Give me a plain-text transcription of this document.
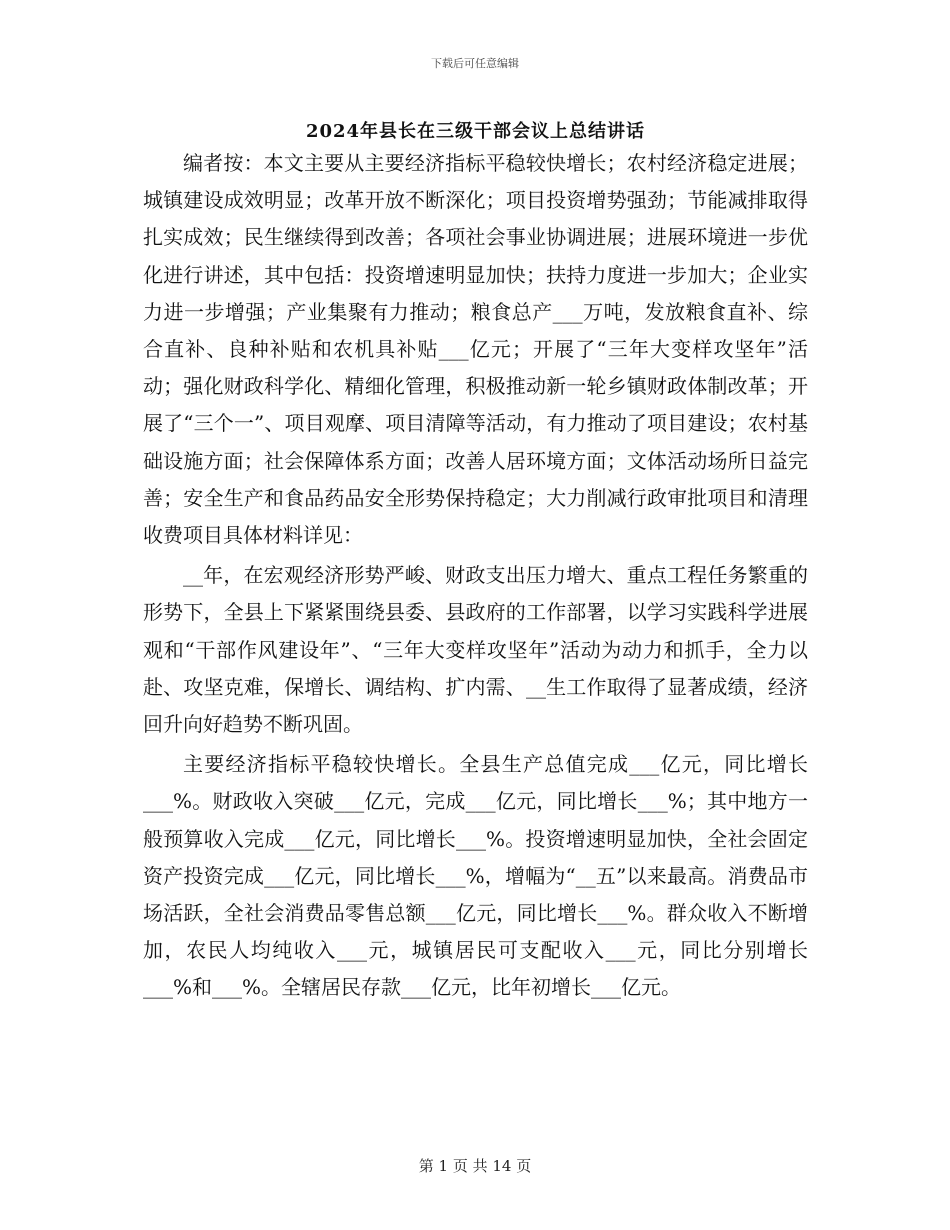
下载后可任意编辑
2024年县长在三级干部会议上总结讲话

编者按：本文主要从主要经济指标平稳较快增长；农村经济稳定进展；城镇建设成效明显；改革开放不断深化；项目投资增势强劲；节能减排取得扎实成效；民生继续得到改善；各项社会事业协调进展；进展环境进一步优化进行讲述，其中包括：投资增速明显加快；扶持力度进一步加大；企业实力进一步增强；产业集聚有力推动；粮食总产___万吨，发放粮食直补、综合直补、良种补贴和农机具补贴___亿元；开展了“三年大变样攻坚年”活动；强化财政科学化、精细化管理，积极推动新一轮乡镇财政体制改革；开展了“三个一”、项目观摩、项目清障等活动，有力推动了项目建设；农村基础设施方面；社会保障体系方面；改善人居环境方面；文体活动场所日益完善；安全生产和食品药品安全形势保持稳定；大力削减行政审批项目和清理收费项目具体材料详见：

__年，在宏观经济形势严峻、财政支出压力增大、重点工程任务繁重的形势下，全县上下紧紧围绕县委、县政府的工作部署，以学习实践科学进展观和“干部作风建设年”、“三年大变样攻坚年”活动为动力和抓手，全力以赴、攻坚克难，保增长、调结构、扩内需、__生工作取得了显著成绩，经济回升向好趋势不断巩固。

主要经济指标平稳较快增长。全县生产总值完成___亿元，同比增长___%。财政收入突破___亿元，完成___亿元，同比增长___%；其中地方一般预算收入完成___亿元，同比增长___%。投资增速明显加快，全社会固定资产投资完成___亿元，同比增长___%，增幅为“__五”以来最高。消费品市场活跃，全社会消费品零售总额___亿元，同比增长___%。群众收入不断增加，农民人均纯收入___元，城镇居民可支配收入___元，同比分别增长___%和___%。全辖居民存款___亿元，比年初增长___亿元。

第 1 页 共 14 页
